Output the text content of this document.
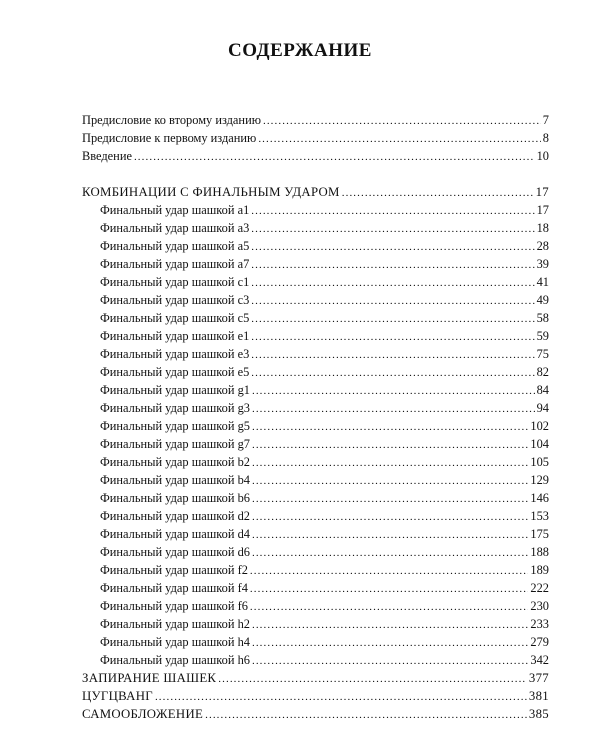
СОДЕРЖАНИЕ
Предисловие ко второму изданию .....	7
Предисловие к первому изданию .....	8
Введение .....	10
КОМБИНАЦИИ С ФИНАЛЬНЫМ УДАРОМ .....	17
Финальный удар шашкой a1 .....	17
Финальный удар шашкой a3 .....	18
Финальный удар шашкой a5 .....	28
Финальный удар шашкой a7 .....	39
Финальный удар шашкой c1 .....	41
Финальный удар шашкой c3 .....	49
Финальный удар шашкой c5 .....	58
Финальный удар шашкой e1 .....	59
Финальный удар шашкой e3 .....	75
Финальный удар шашкой e5 .....	82
Финальный удар шашкой g1 .....	84
Финальный удар шашкой g3 .....	94
Финальный удар шашкой g5 .....	102
Финальный удар шашкой g7 .....	104
Финальный удар шашкой b2 .....	105
Финальный удар шашкой b4 .....	129
Финальный удар шашкой b6 .....	146
Финальный удар шашкой d2 .....	153
Финальный удар шашкой d4 .....	175
Финальный удар шашкой d6 .....	188
Финальный удар шашкой f2 .....	189
Финальный удар шашкой f4 .....	222
Финальный удар шашкой f6 .....	230
Финальный удар шашкой h2 .....	233
Финальный удар шашкой h4 .....	279
Финальный удар шашкой h6 .....	342
ЗАПИРАНИЕ ШАШЕК .....	377
ЦУГЦВАНГ .....	381
САМООБЛОЖЕНИЕ .....	385
